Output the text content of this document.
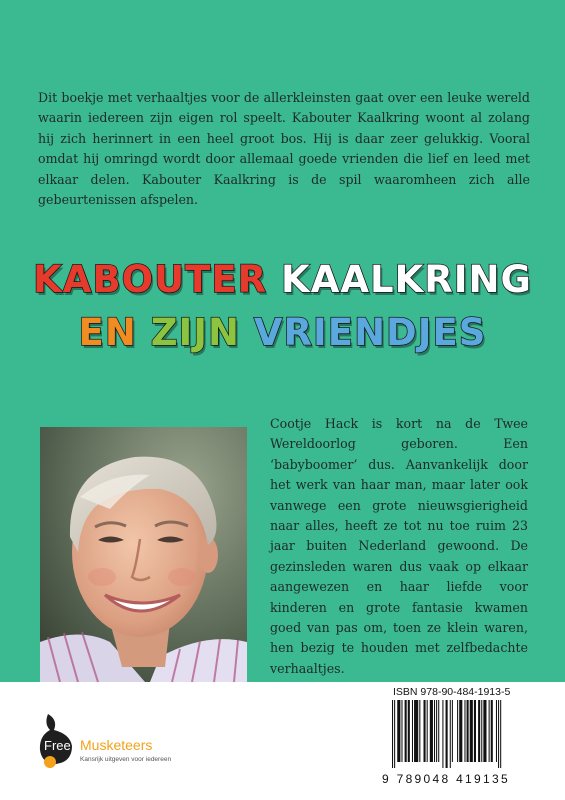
Dit boekje met verhaaltjes voor de allerkleinsten gaat over een leuke wereld waarin iedereen zijn eigen rol speelt. Kabouter Kaalkring woont al zolang hij zich herinnert in een heel groot bos. Hij is daar zeer gelukkig. Vooral omdat hij omringd wordt door allemaal goede vrienden die lief en leed met elkaar delen. Kabouter Kaalkring is de spil waaromheen zich alle gebeurtenissen afspelen.
KABOUTER KAALKRING
EN ZIJN VRIENDJES
Cootje Hack is kort na de Twee Wereldoorlog geboren. Een ‘babyboomer’ dus. Aanvankelijk door het werk van haar man, maar later ook vanwege een grote nieuwsgierigheid naar alles, heeft ze tot nu toe ruim 23 jaar buiten Nederland gewoond. De gezinsleden waren dus vaak op elkaar aangewezen en haar liefde voor kinderen en grote fantasie kwamen goed van pas om, toen ze klein waren, hen bezig te houden met zelfbedachte verhaaltjes.
Free Musketeers
Kansrijk uitgeven voor iedereen
ISBN 978-90-484-1913-5
9 789048 419135
